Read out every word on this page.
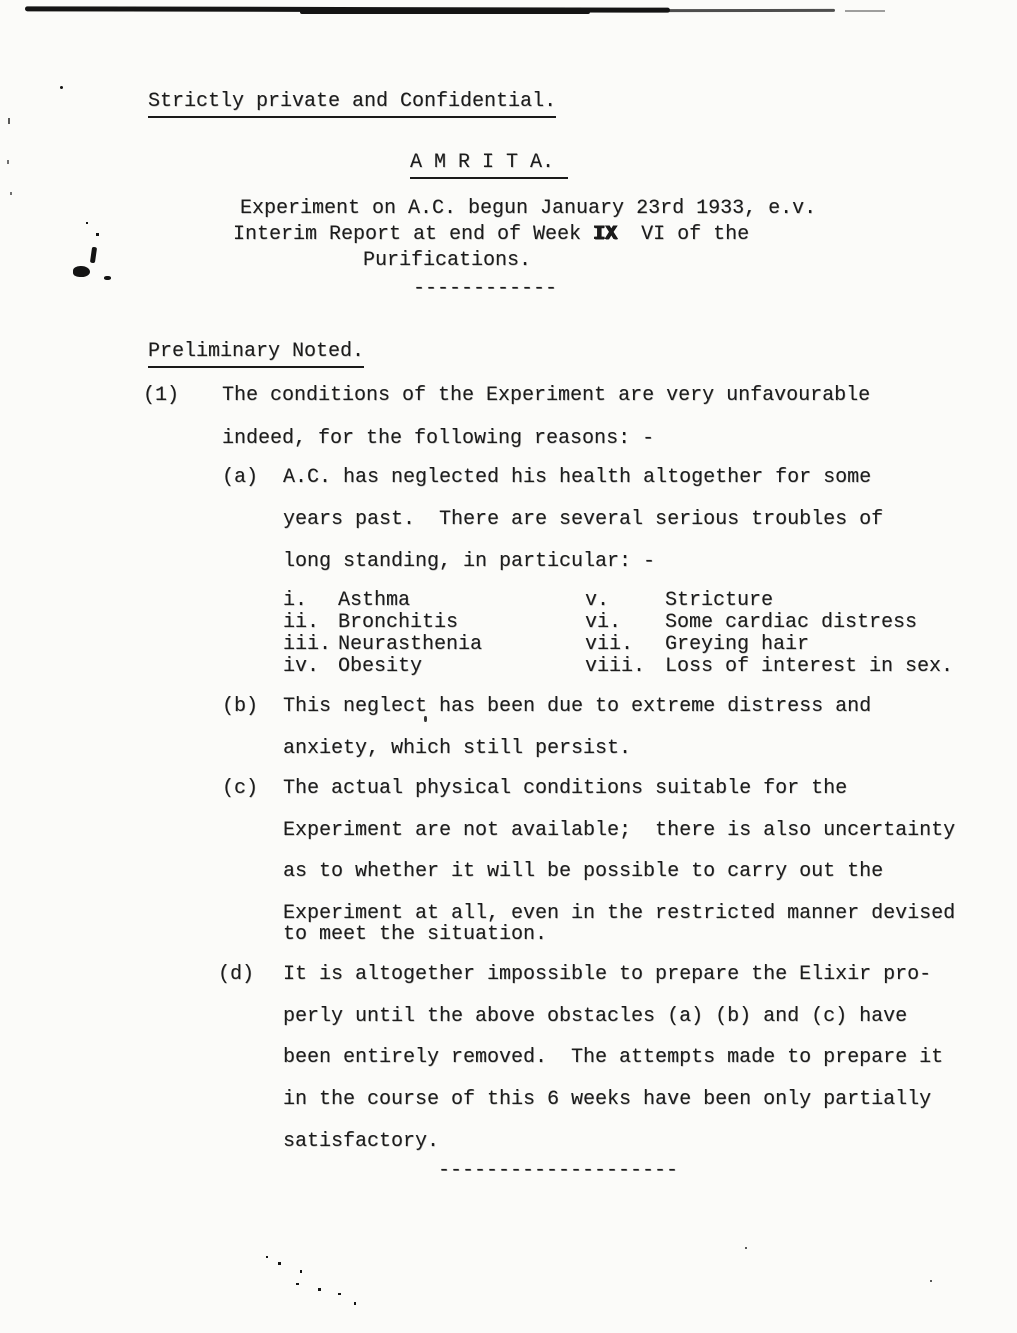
Strictly private and Confidential.
A M R I T A.
Experiment on A.C. begun January 23rd 1933, e.v.
Interim Report at end of Week IX  VI of the
Purifications.
------------
Preliminary Noted.
(1) The conditions of the Experiment are very unfavourable
indeed, for the following reasons: -
(a) A.C. has neglected his health altogether for some
years past.  There are several serious troubles of
long standing, in particular: -
i. Asthma	v.	Stricture
ii. Bronchitis	vi. Some cardiac distress
iii. Neurasthenia	vii. Greying hair
iv. Obesity	viii. Loss of interest in sex.
(b) This neglect has been due to extreme distress and
anxiety, which still persist.
(c) The actual physical conditions suitable for the
Experiment are not available;  there is also uncertainty
as to whether it will be possible to carry out the
Experiment at all, even in the restricted manner devised
to meet the situation.
(d) It is altogether impossible to prepare the Elixir pro-
perly until the above obstacles (a) (b) and (c) have
been entirely removed.  The attempts made to prepare it
in the course of this 6 weeks have been only partially
satisfactory.
--------------------
